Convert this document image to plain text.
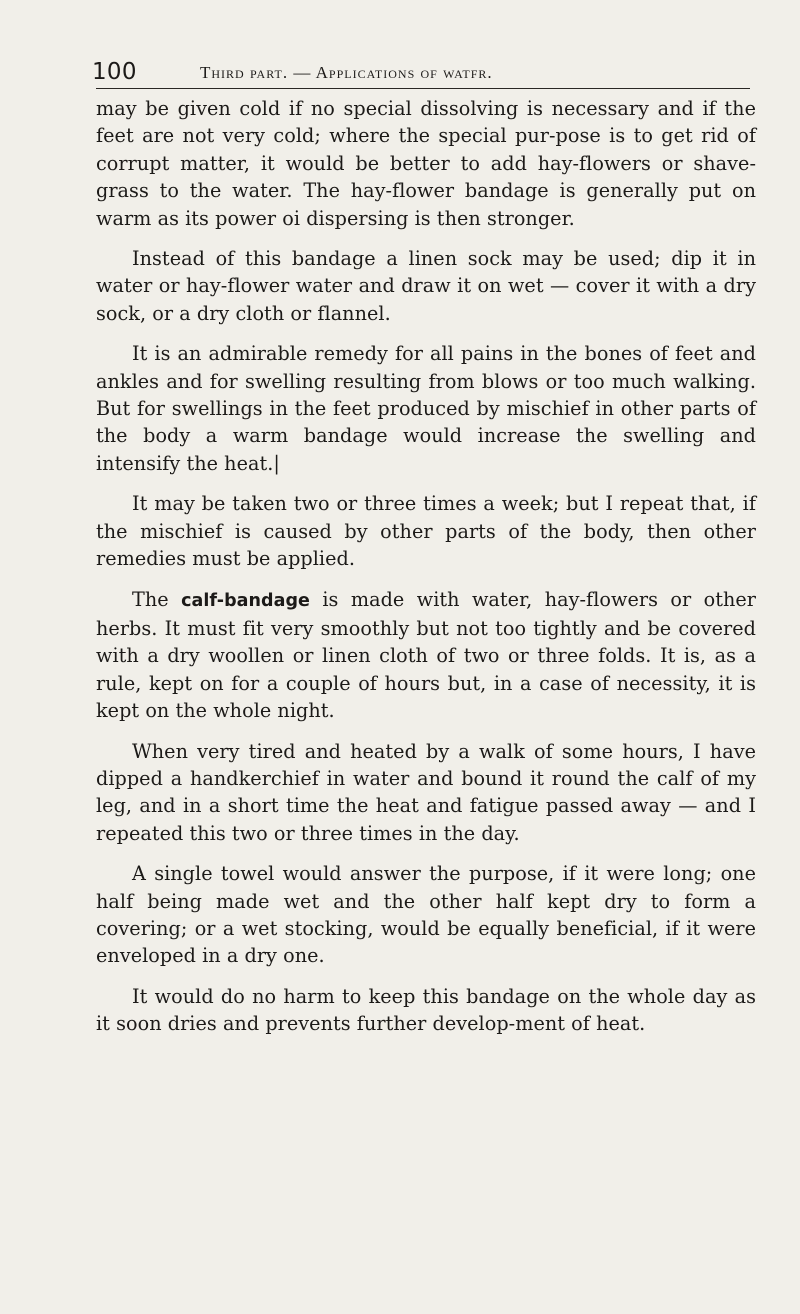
100	Third part. — Applications of watfr.

may be given cold if no special dissolving is necessary and if the feet are not very cold; where the special pur-pose is to get rid of corrupt matter, it would be better to add hay-flowers or shave-grass to the water. The hay-flower bandage is generally put on warm as its power oi dispersing is then stronger.

Instead of this bandage a linen sock may be used; dip it in water or hay-flower water and draw it on wet — cover it with a dry sock, or a dry cloth or flannel.

It is an admirable remedy for all pains in the bones of feet and ankles and for swelling resulting from blows or too much walking. But for swellings in the feet produced by mischief in other parts of the body a warm bandage would increase the swelling and intensify the heat.|

It may be taken two or three times a week; but I repeat that, if the mischief is caused by other parts of the body, then other remedies must be applied.

The calf-bandage is made with water, hay-flowers or other herbs. It must fit very smoothly but not too tightly and be covered with a dry woollen or linen cloth of two or three folds. It is, as a rule, kept on for a couple of hours but, in a case of necessity, it is kept on the whole night.

When very tired and heated by a walk of some hours, I have dipped a handkerchief in water and bound it round the calf of my leg, and in a short time the heat and fatigue passed away — and I repeated this two or three times in the day.

A single towel would answer the purpose, if it were long; one half being made wet and the other half kept dry to form a covering; or a wet stocking, would be equally beneficial, if it were enveloped in a dry one.

It would do no harm to keep this bandage on the whole day as it soon dries and prevents further develop-ment of heat.
